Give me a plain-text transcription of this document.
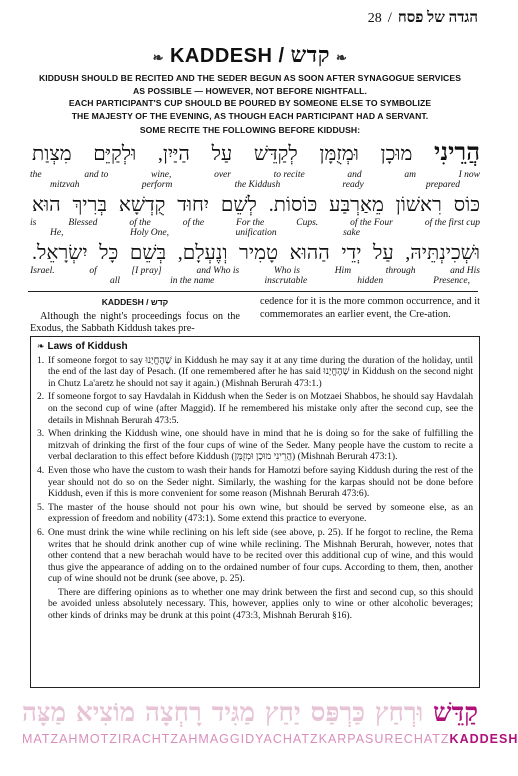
28 / הגדה של פסח
❧ KADDESH / קדש ❧

KIDDUSH SHOULD BE RECITED AND THE SEDER BEGUN AS SOON AFTER SYNAGOGUE SERVICES

AS POSSIBLE — HOWEVER, NOT BEFORE NIGHTFALL.

EACH PARTICIPANT'S CUP SHOULD BE POURED BY SOMEONE ELSE TO SYMBOLIZE

THE MAJESTY OF THE EVENING, AS THOUGH EACH PARTICIPANT HAD A SERVANT.

SOME RECITE THE FOLLOWING BEFORE KIDDUSH:

הֲרֵינִי מוּכָן וּמְזֻמָּן לְקַדֵּשׁ עַל הַיַּיִן, וּלְקַיֵּם מִצְוַת
I now
am
and
to recite
over
wine,
and to
the
prepared
ready
the Kiddush
perform
mitzvah
כּוֹס רִאשׁוֹן מֵאַרְבַּע כּוֹסוֹת. לְשֵׁם יִחוּד קֻדְשָׁא בְּרִיךְ הוּא
of the first cup
of the Four
Cups.
For the
of the
of the
Blessed
is
sake
unification
Holy One,
He,
וּשְׁכִינְתֵּיהּ, עַל יְדֵי הַהוּא טָמִיר וְנֶעְלָם, בְּשֵׁם כָּל יִשְׂרָאֵל.
and His
through
Him
Who is
and Who is
[I pray]
of
Israel.
Presence,
hidden
inscrutable
in the name
all
KADDESH / קדש
Although the night's proceedings focus on the Exodus, the Sabbath Kiddush takes pre-
cedence for it is the more common occurrence, and it commemorates an earlier event, the Cre-ation.
❧ Laws of Kiddush
1. If someone forgot to say שֶׁהֶחֱיָנוּ in Kiddush he may say it at any time during the duration of the holiday, until the end of the last day of Pesach. (If one remembered after he has said שֶׁהֶחֱיָנוּ in Kiddush on the second night in Chutz La'aretz he should not say it again.) (Mishnah Berurah 473:1.)
2. If someone forgot to say Havdalah in Kiddush when the Seder is on Motzaei Shabbos, he should say Havdalah on the second cup of wine (after Maggid). If he remembered his mistake only after the second cup, see the details in Mishnah Berurah 473:5.
3. When drinking the Kiddush wine, one should have in mind that he is doing so for the sake of fulfilling the mitzvah of drinking the first of the four cups of wine of the Seder. Many people have the custom to recite a verbal declaration to this effect before Kiddush (הֲרֵינִי מוּכָן וּמְזֻמָּן) (Mishnah Berurah 473:1).
4. Even those who have the custom to wash their hands for Hamotzi before saying Kiddush during the rest of the year should not do so on the Seder night. Similarly, the washing for the karpas should not be done before Kiddush, even if this is more convenient for some reason (Mishnah Berurah 473:6).
5. The master of the house should not pour his own wine, but should be served by someone else, as an expression of freedom and nobility (473:1). Some extend this practice to everyone.
6. One must drink the wine while reclining on his left side (see above, p. 25). If he forgot to recline, the Rema writes that he should drink another cup of wine while reclining. The Mishnah Berurah, however, notes that other contend that a new berachah would have to be recited over this additional cup of wine, and this would thus give the appearance of adding on to the ordained number of four cups. According to them, then, another cup of wine should not be drunk (see above, p. 25).
There are differing opinions as to whether one may drink between the first and second cup, so this should be avoided unless absolutely necessary. This, however, applies only to wine or other alcoholic beverages; other kinds of drinks may be drunk at this point (473:3, Mishnah Berurah §16).
קַדֵּשׁ
וּרְחַץ
כַּרְפַּס
יַחַץ
מַגִּיד
רָחְצָה
מוֹצִיא
מַצָּה
MATZAH MOTZI RACHTZAH MAGGID YACHATZ KARPAS URECHATZ KADDESH
